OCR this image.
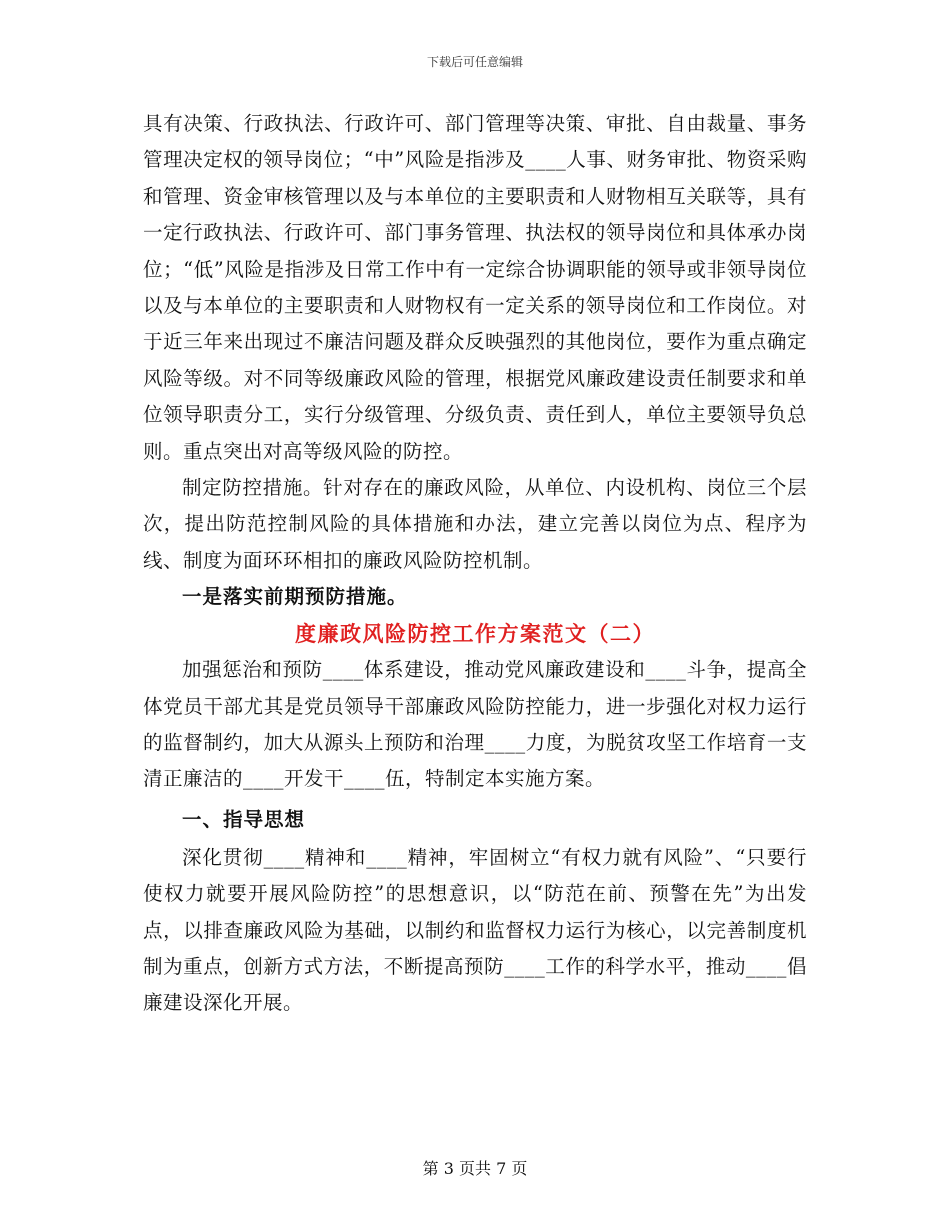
下载后可任意编辑

具有决策、行政执法、行政许可、部门管理等决策、审批、自由裁量、事务管理决定权的领导岗位；“中”风险是指涉及____人事、财务审批、物资采购和管理、资金审核管理以及与本单位的主要职责和人财物相互关联等，具有一定行政执法、行政许可、部门事务管理、执法权的领导岗位和具体承办岗位；“低”风险是指涉及日常工作中有一定综合协调职能的领导或非领导岗位以及与本单位的主要职责和人财物权有一定关系的领导岗位和工作岗位。对于近三年来出现过不廉洁问题及群众反映强烈的其他岗位，要作为重点确定风险等级。对不同等级廉政风险的管理，根据党风廉政建设责任制要求和单位领导职责分工，实行分级管理、分级负责、责任到人，单位主要领导负总则。重点突出对高等级风险的防控。

制定防控措施。针对存在的廉政风险，从单位、内设机构、岗位三个层次，提出防范控制风险的具体措施和办法，建立完善以岗位为点、程序为线、制度为面环环相扣的廉政风险防控机制。

一是落实前期预防措施。

度廉政风险防控工作方案范文（二）

加强惩治和预防____体系建设，推动党风廉政建设和____斗争，提高全体党员干部尤其是党员领导干部廉政风险防控能力，进一步强化对权力运行的监督制约，加大从源头上预防和治理____力度，为脱贫攻坚工作培育一支清正廉洁的____开发干____伍，特制定本实施方案。

一、指导思想

深化贯彻____精神和____精神，牢固树立“有权力就有风险”、“只要行使权力就要开展风险防控”的思想意识，以“防范在前、预警在先”为出发点，以排查廉政风险为基础，以制约和监督权力运行为核心，以完善制度机制为重点，创新方式方法，不断提高预防____工作的科学水平，推动____倡廉建设深化开展。

第 3 页共 7 页
